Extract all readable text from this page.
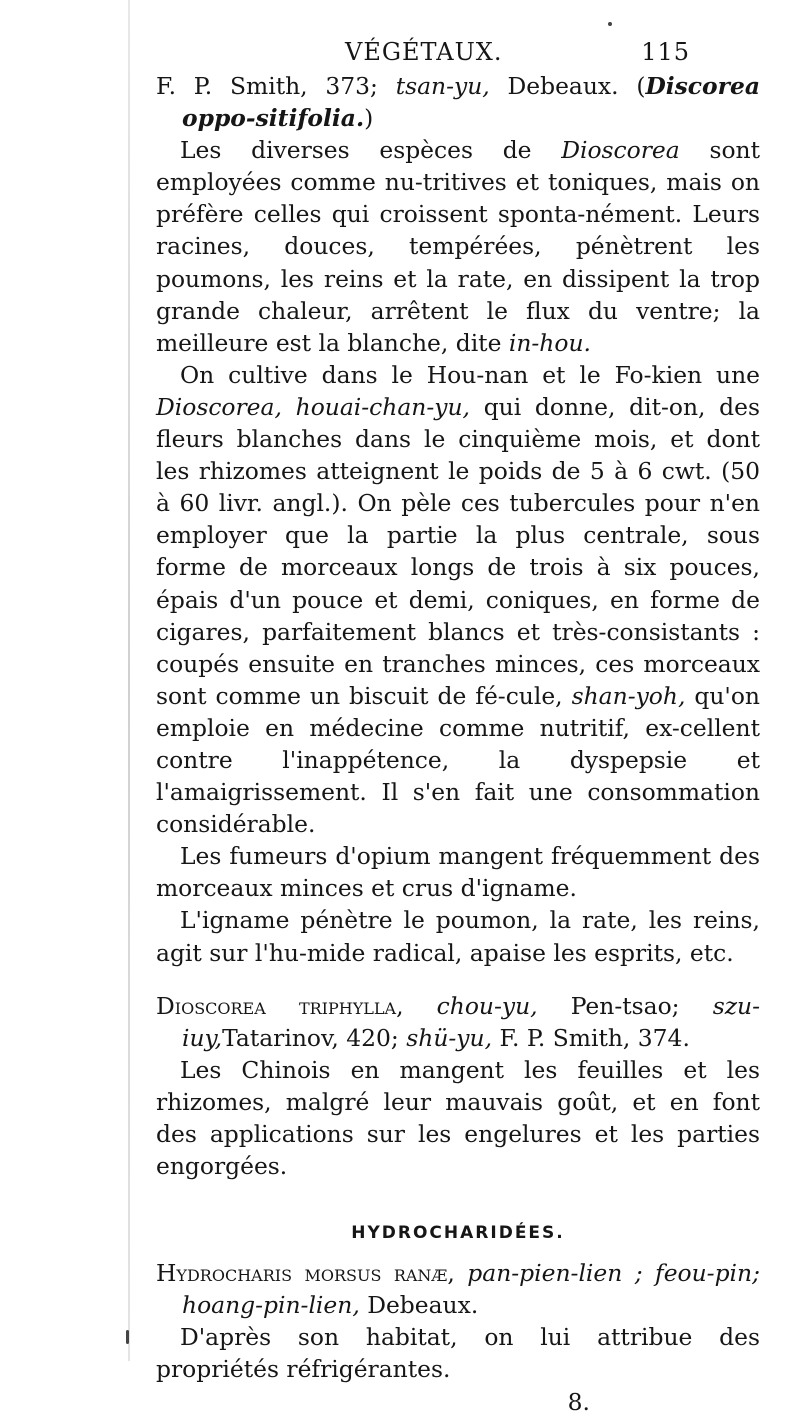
VÉGÉTAUX.	115

F. P. Smith, 373; tsan-yu, Debeaux. (Discorea oppo-sitifolia.)

Les diverses espèces de Dioscorea sont employées comme nu-tritives et toniques, mais on préfère celles qui croissent sponta-nément. Leurs racines, douces, tempérées, pénètrent les poumons, les reins et la rate, en dissipent la trop grande chaleur, arrêtent le flux du ventre; la meilleure est la blanche, dite in-hou.

On cultive dans le Hou-nan et le Fo-kien une Dioscorea, houai-chan-yu, qui donne, dit-on, des fleurs blanches dans le cinquième mois, et dont les rhizomes atteignent le poids de 5 à 6 cwt. (50 à 60 livr. angl.). On pèle ces tubercules pour n'en employer que la partie la plus centrale, sous forme de morceaux longs de trois à six pouces, épais d'un pouce et demi, coniques, en forme de cigares, parfaitement blancs et très-consistants : coupés ensuite en tranches minces, ces morceaux sont comme un biscuit de fé-cule, shan-yoh, qu'on emploie en médecine comme nutritif, ex-cellent contre l'inappétence, la dyspepsie et l'amaigrissement. Il s'en fait une consommation considérable.

Les fumeurs d'opium mangent fréquemment des morceaux minces et crus d'igname.

L'igname pénètre le poumon, la rate, les reins, agit sur l'hu-mide radical, apaise les esprits, etc.

Dioscorea triphylla, chou-yu, Pen-tsao; szu-iuy,Tatarinov, 420; shü-yu, F. P. Smith, 374.

Les Chinois en mangent les feuilles et les rhizomes, malgré leur mauvais goût, et en font des applications sur les engelures et les parties engorgées.

HYDROCHARIDÉES.

Hydrocharis morsus ranæ, pan-pien-lien ; feou-pin; hoang-pin-lien, Debeaux.

D'après son habitat, on lui attribue des propriétés réfrigérantes.

8.
